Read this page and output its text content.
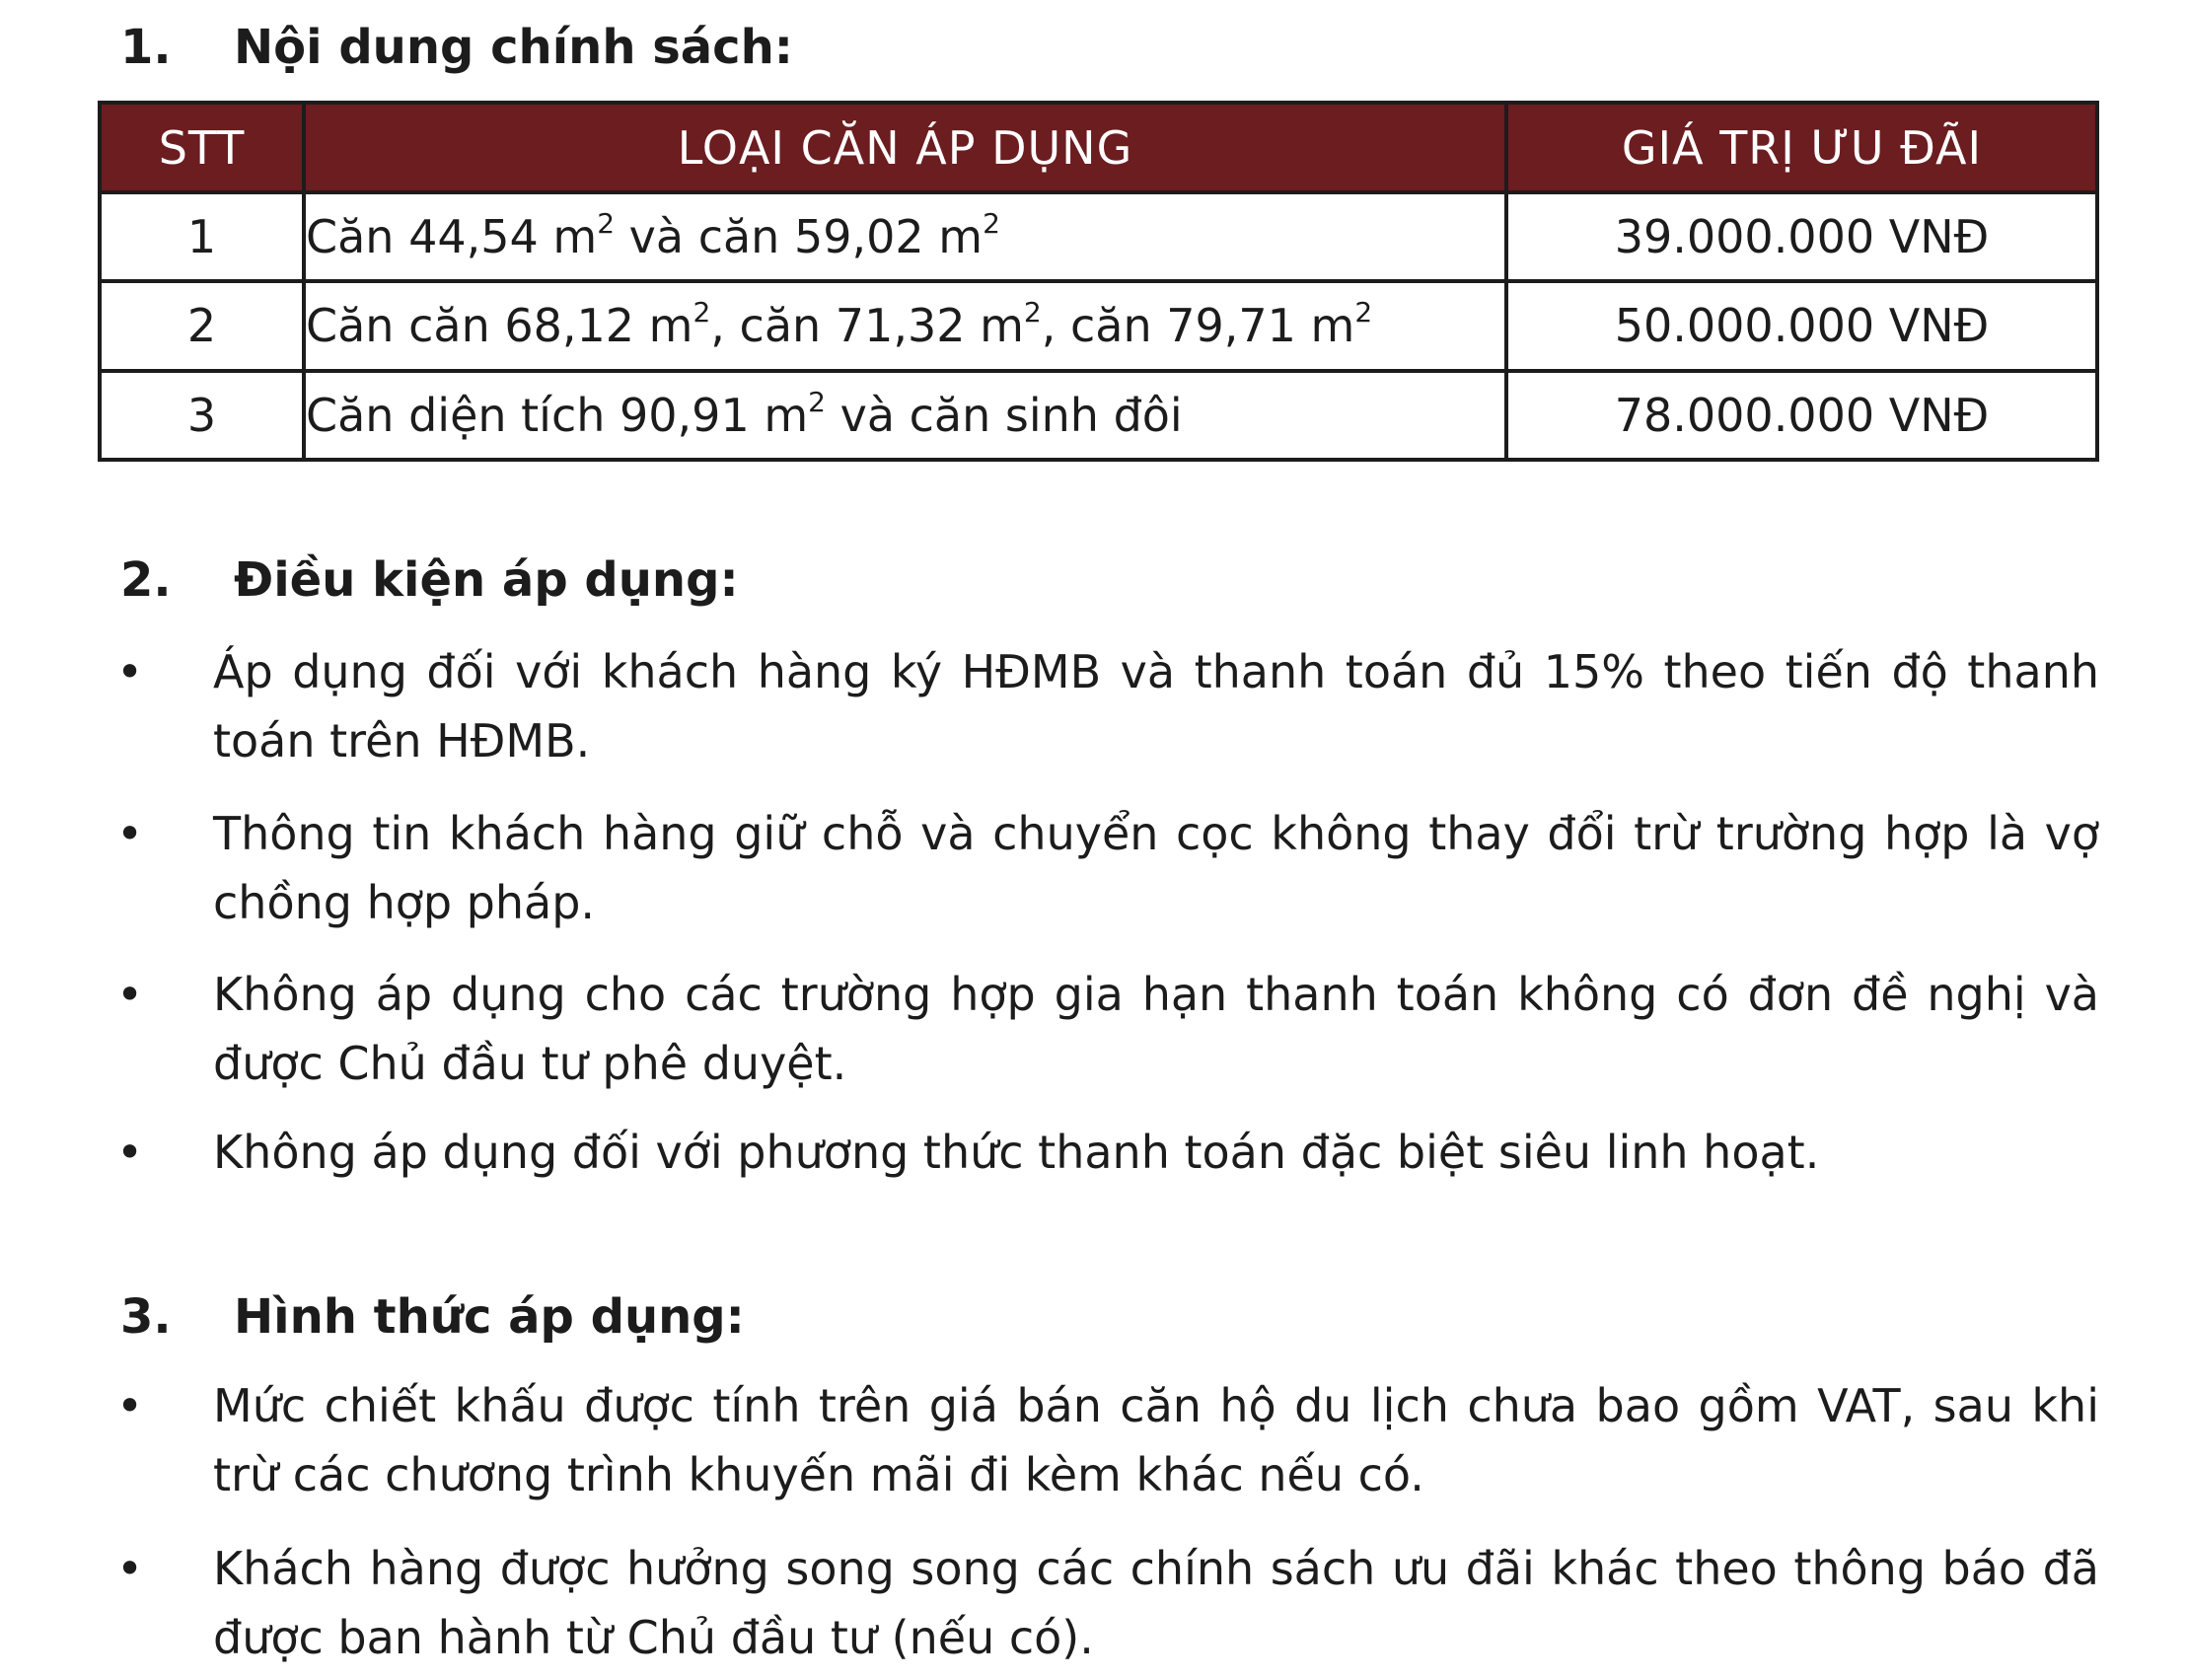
1. Nội dung chính sách:
STT	LOẠI CĂN ÁP DỤNG	GIÁ TRỊ ƯU ĐÃI
1	Căn 44,54 $m^2$ và căn 59,02 $m^2$	39.000.000 VNĐ
2	Căn căn 68,12 $m^2$, căn 71,32 $m^2$, căn 79,71 $m^2$	50.000.000 VNĐ
3	Căn diện tích 90,91 $m^2$ và căn sinh đôi	78.000.000 VNĐ
2. Điều kiện áp dụng:
• Áp dụng đối với khách hàng ký HĐMB và thanh toán đủ 15% theo tiến độ thanh toán trên HĐMB.
• Thông tin khách hàng giữ chỗ và chuyển cọc không thay đổi trừ trường hợp là vợ chồng hợp pháp.
• Không áp dụng cho các trường hợp gia hạn thanh toán không có đơn đề nghị và được Chủ đầu tư phê duyệt.
• Không áp dụng đối với phương thức thanh toán đặc biệt siêu linh hoạt.
3. Hình thức áp dụng:
• Mức chiết khấu được tính trên giá bán căn hộ du lịch chưa bao gồm VAT, sau khi trừ các chương trình khuyến mãi đi kèm khác nếu có.
• Khách hàng được hưởng song song các chính sách ưu đãi khác theo thông báo đã được ban hành từ Chủ đầu tư (nếu có).
